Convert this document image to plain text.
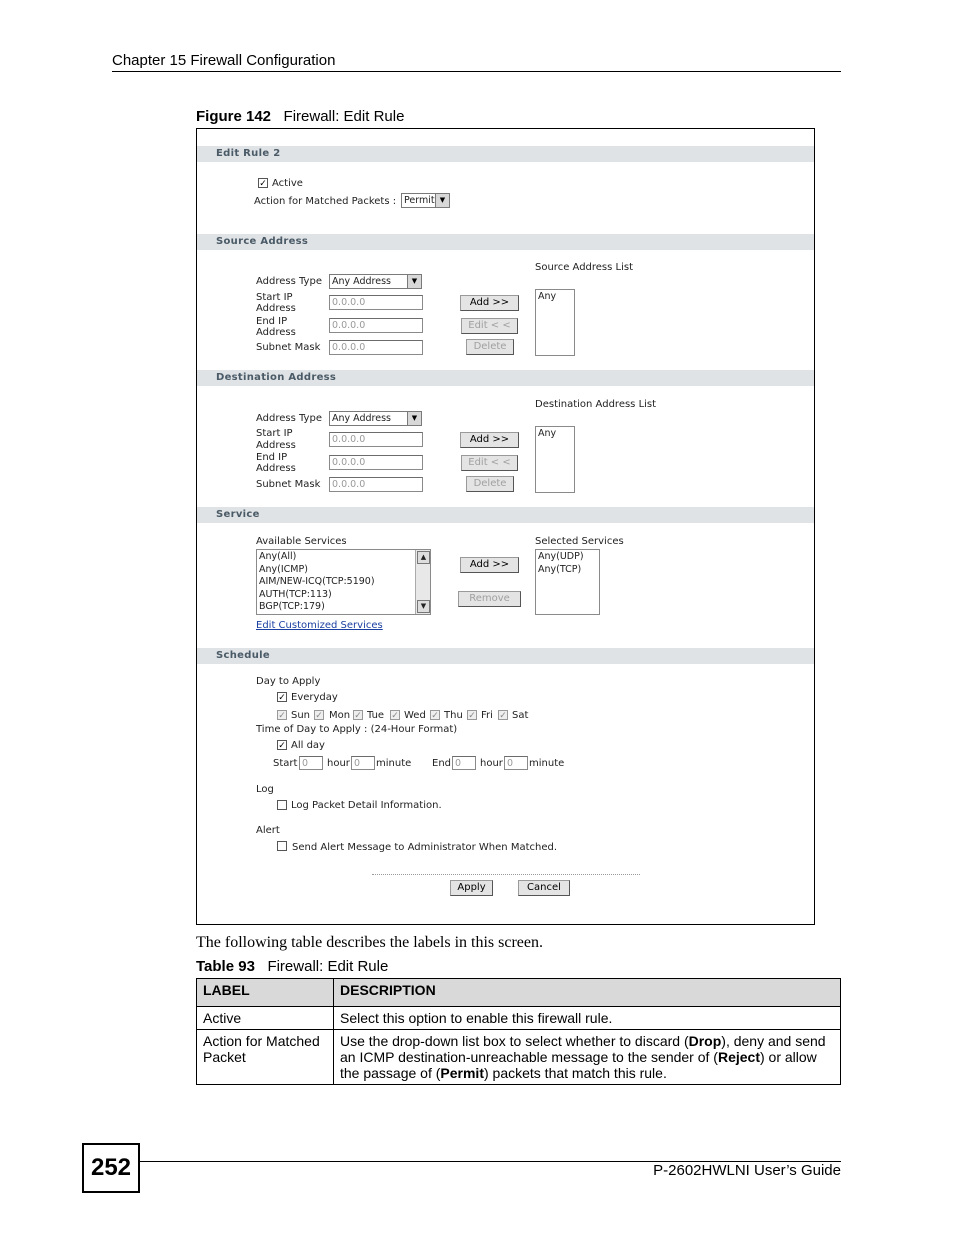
Chapter 15 Firewall Configuration
Figure 142 Firewall: Edit Rule
Edit Rule 2
✓ Active
Action for Matched Packets : Permit ▼
Source Address
Source Address List
Address Type	Any Address	▼
Start IP
Address
0.0.0.0
End IP
Address
0.0.0.0
Subnet Mask	0.0.0.0
Add >>
Edit < <
Delete
Any
Destination Address
Destination Address List
Address Type	Any Address	▼
Start IP
Address
0.0.0.0
End IP
Address
0.0.0.0
Subnet Mask	0.0.0.0
Add >>
Edit < <
Delete
Any
Service
Available Services	Selected Services
Any(All)
Any(ICMP)
AIM/NEW-ICQ(TCP:5190)
AUTH(TCP:113)
BGP(TCP:179)
▲
▼
Add >>
Remove
Any(UDP)
Any(TCP)
Edit Customized Services
Schedule
Day to Apply
✓ Everyday
✓ Sun ✓ Mon ✓ Tue ✓ Wed ✓ Thu ✓ Fri ✓ Sat
Time of Day to Apply : (24-Hour Format)
✓ All day
Start 0	hour 0	minute End 0	hour 0	minute
Log
Log Packet Detail Information.
Alert
Send Alert Message to Administrator When Matched.
Apply	Cancel
The following table describes the labels in this screen.
Table 93 Firewall: Edit Rule
LABEL	DESCRIPTION
Active	Select this option to enable this firewall rule.
Action for Matched Packet	Use the drop-down list box to select whether to discard (Drop), deny and send an ICMP destination-unreachable message to the sender of (Reject) or allow the passage of (Permit) packets that match this rule.
252	P-2602HWLNI User’s Guide
